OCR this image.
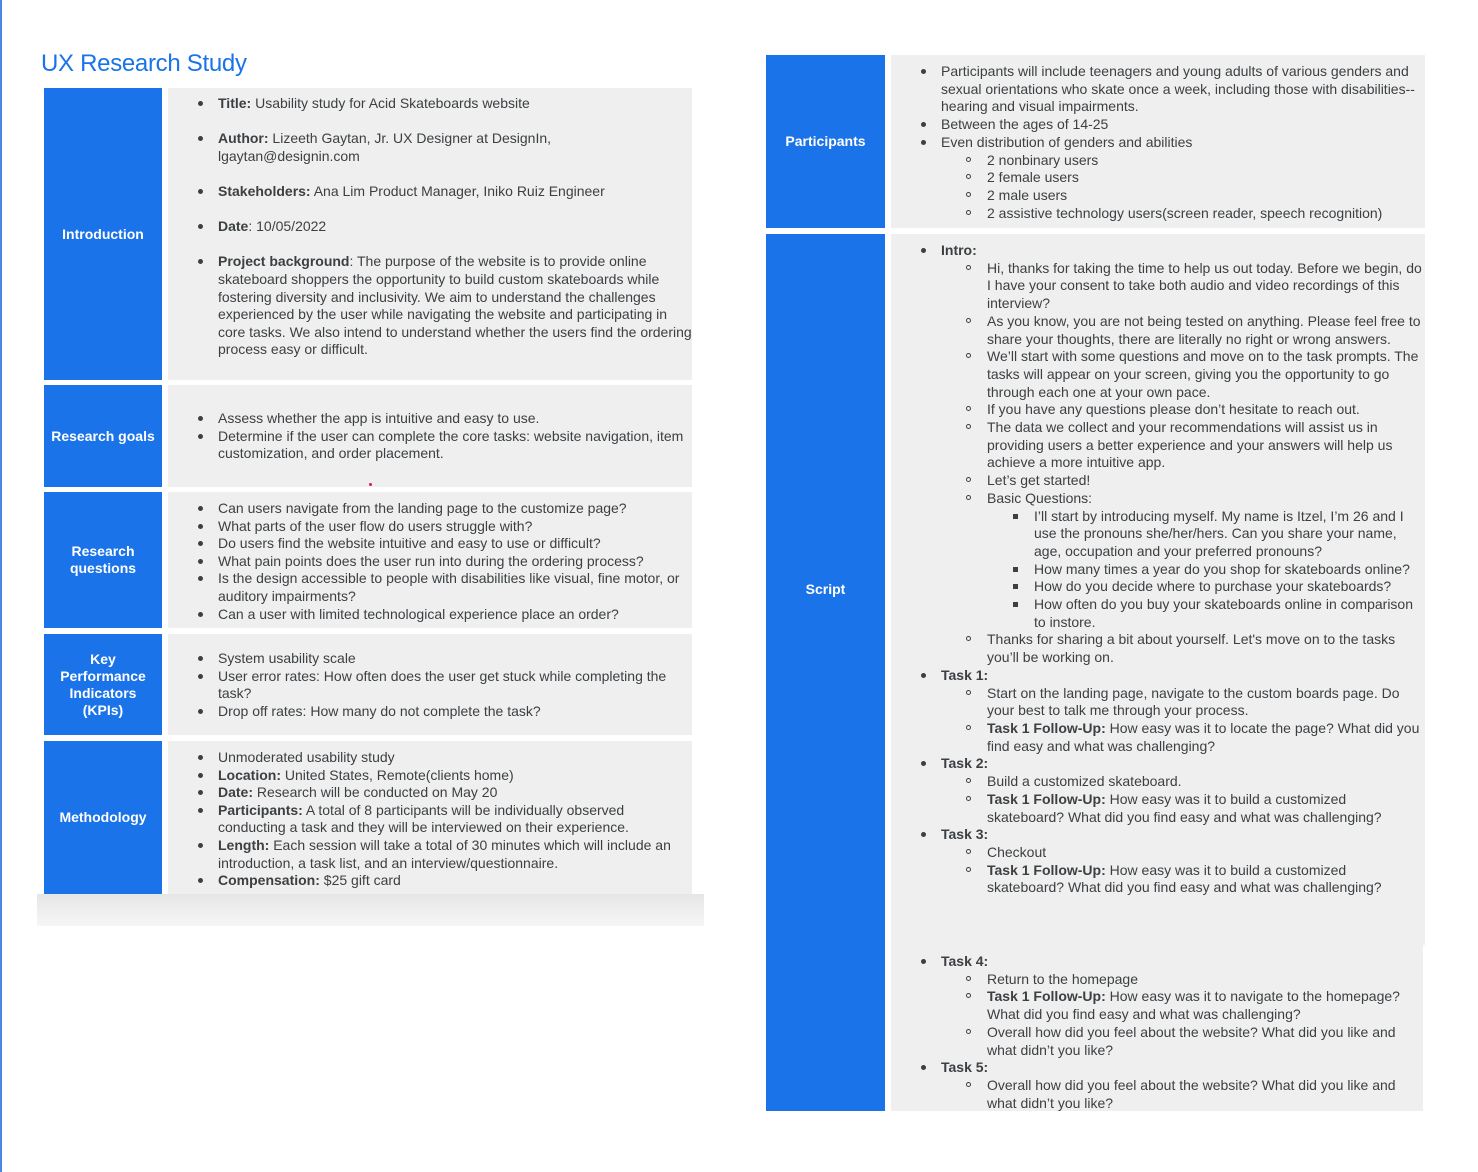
UX Research Study
Introduction
Title: Usability study for Acid Skateboards website
Author: Lizeeth Gaytan, Jr. UX Designer at DesignIn, lgaytan@designin.com
Stakeholders: Ana Lim Product Manager, Iniko Ruiz Engineer
Date: 10/05/2022
Project background: The purpose of the website is to provide online skateboard shoppers the opportunity to build custom skateboards while fostering diversity and inclusivity. We aim to understand the challenges experienced by the user while navigating the website and participating in core tasks. We also intend to understand whether the users find the ordering process easy or difficult.
Research goals
Assess whether the app is intuitive and easy to use.
Determine if the user can complete the core tasks: website navigation, item customization, and order placement.
Research questions
Can users navigate from the landing page to the customize page?
What parts of the user flow do users struggle with?
Do users find the website intuitive and easy to use or difficult?
What pain points does the user run into during the ordering process?
Is the design accessible to people with disabilities like visual, fine motor, or auditory impairments?
Can a user with limited technological experience place an order?
Key Performance Indicators (KPIs)
System usability scale
User error rates: How often does the user get stuck while completing the task?
Drop off rates: How many do not complete the task?
Methodology
Unmoderated usability study
Location: United States, Remote(clients home)
Date: Research will be conducted on May 20
Participants: A total of 8 participants will be individually observed conducting a task and they will be interviewed on their experience.
Length: Each session will take a total of 30 minutes which will include an introduction, a task list, and an interview/questionnaire.
Compensation: $25 gift card
Participants
Participants will include teenagers and young adults of various genders and sexual orientations who skate once a week, including those with disabilities--hearing and visual impairments.
Between the ages of 14-25
Even distribution of genders and abilities
2 nonbinary users
2 female users
2 male users
2 assistive technology users(screen reader, speech recognition)
Script
Intro:
Hi, thanks for taking the time to help us out today. Before we begin, do I have your consent to take both audio and video recordings of this interview?
As you know, you are not being tested on anything. Please feel free to share your thoughts, there are literally no right or wrong answers.
We’ll start with some questions and move on to the task prompts. The tasks will appear on your screen, giving you the opportunity to go through each one at your own pace.
If you have any questions please don’t hesitate to reach out.
The data we collect and your recommendations will assist us in providing users a better experience and your answers will help us achieve a more intuitive app.
Let’s get started!
Basic Questions:
I’ll start by introducing myself. My name is Itzel, I’m 26 and I use the pronouns she/her/hers. Can you share your name, age, occupation and your preferred pronouns?
How many times a year do you shop for skateboards online?
How do you decide where to purchase your skateboards?
How often do you buy your skateboards online in comparison to instore.
Thanks for sharing a bit about yourself. Let's move on to the tasks you’ll be working on.
Task 1:
Start on the landing page, navigate to the custom boards page. Do your best to talk me through your process.
Task 1 Follow-Up: How easy was it to locate the page? What did you find easy and what was challenging?
Task 2:
Build a customized skateboard.
Task 1 Follow-Up: How easy was it to build a customized skateboard? What did you find easy and what was challenging?
Task 3:
Checkout
Task 1 Follow-Up: How easy was it to build a customized skateboard? What did you find easy and what was challenging?
Task 4:
Return to the homepage
Task 1 Follow-Up: How easy was it to navigate to the homepage? What did you find easy and what was challenging?
Overall how did you feel about the website? What did you like and what didn’t you like?
Task 5:
Overall how did you feel about the website? What did you like and what didn’t you like?
